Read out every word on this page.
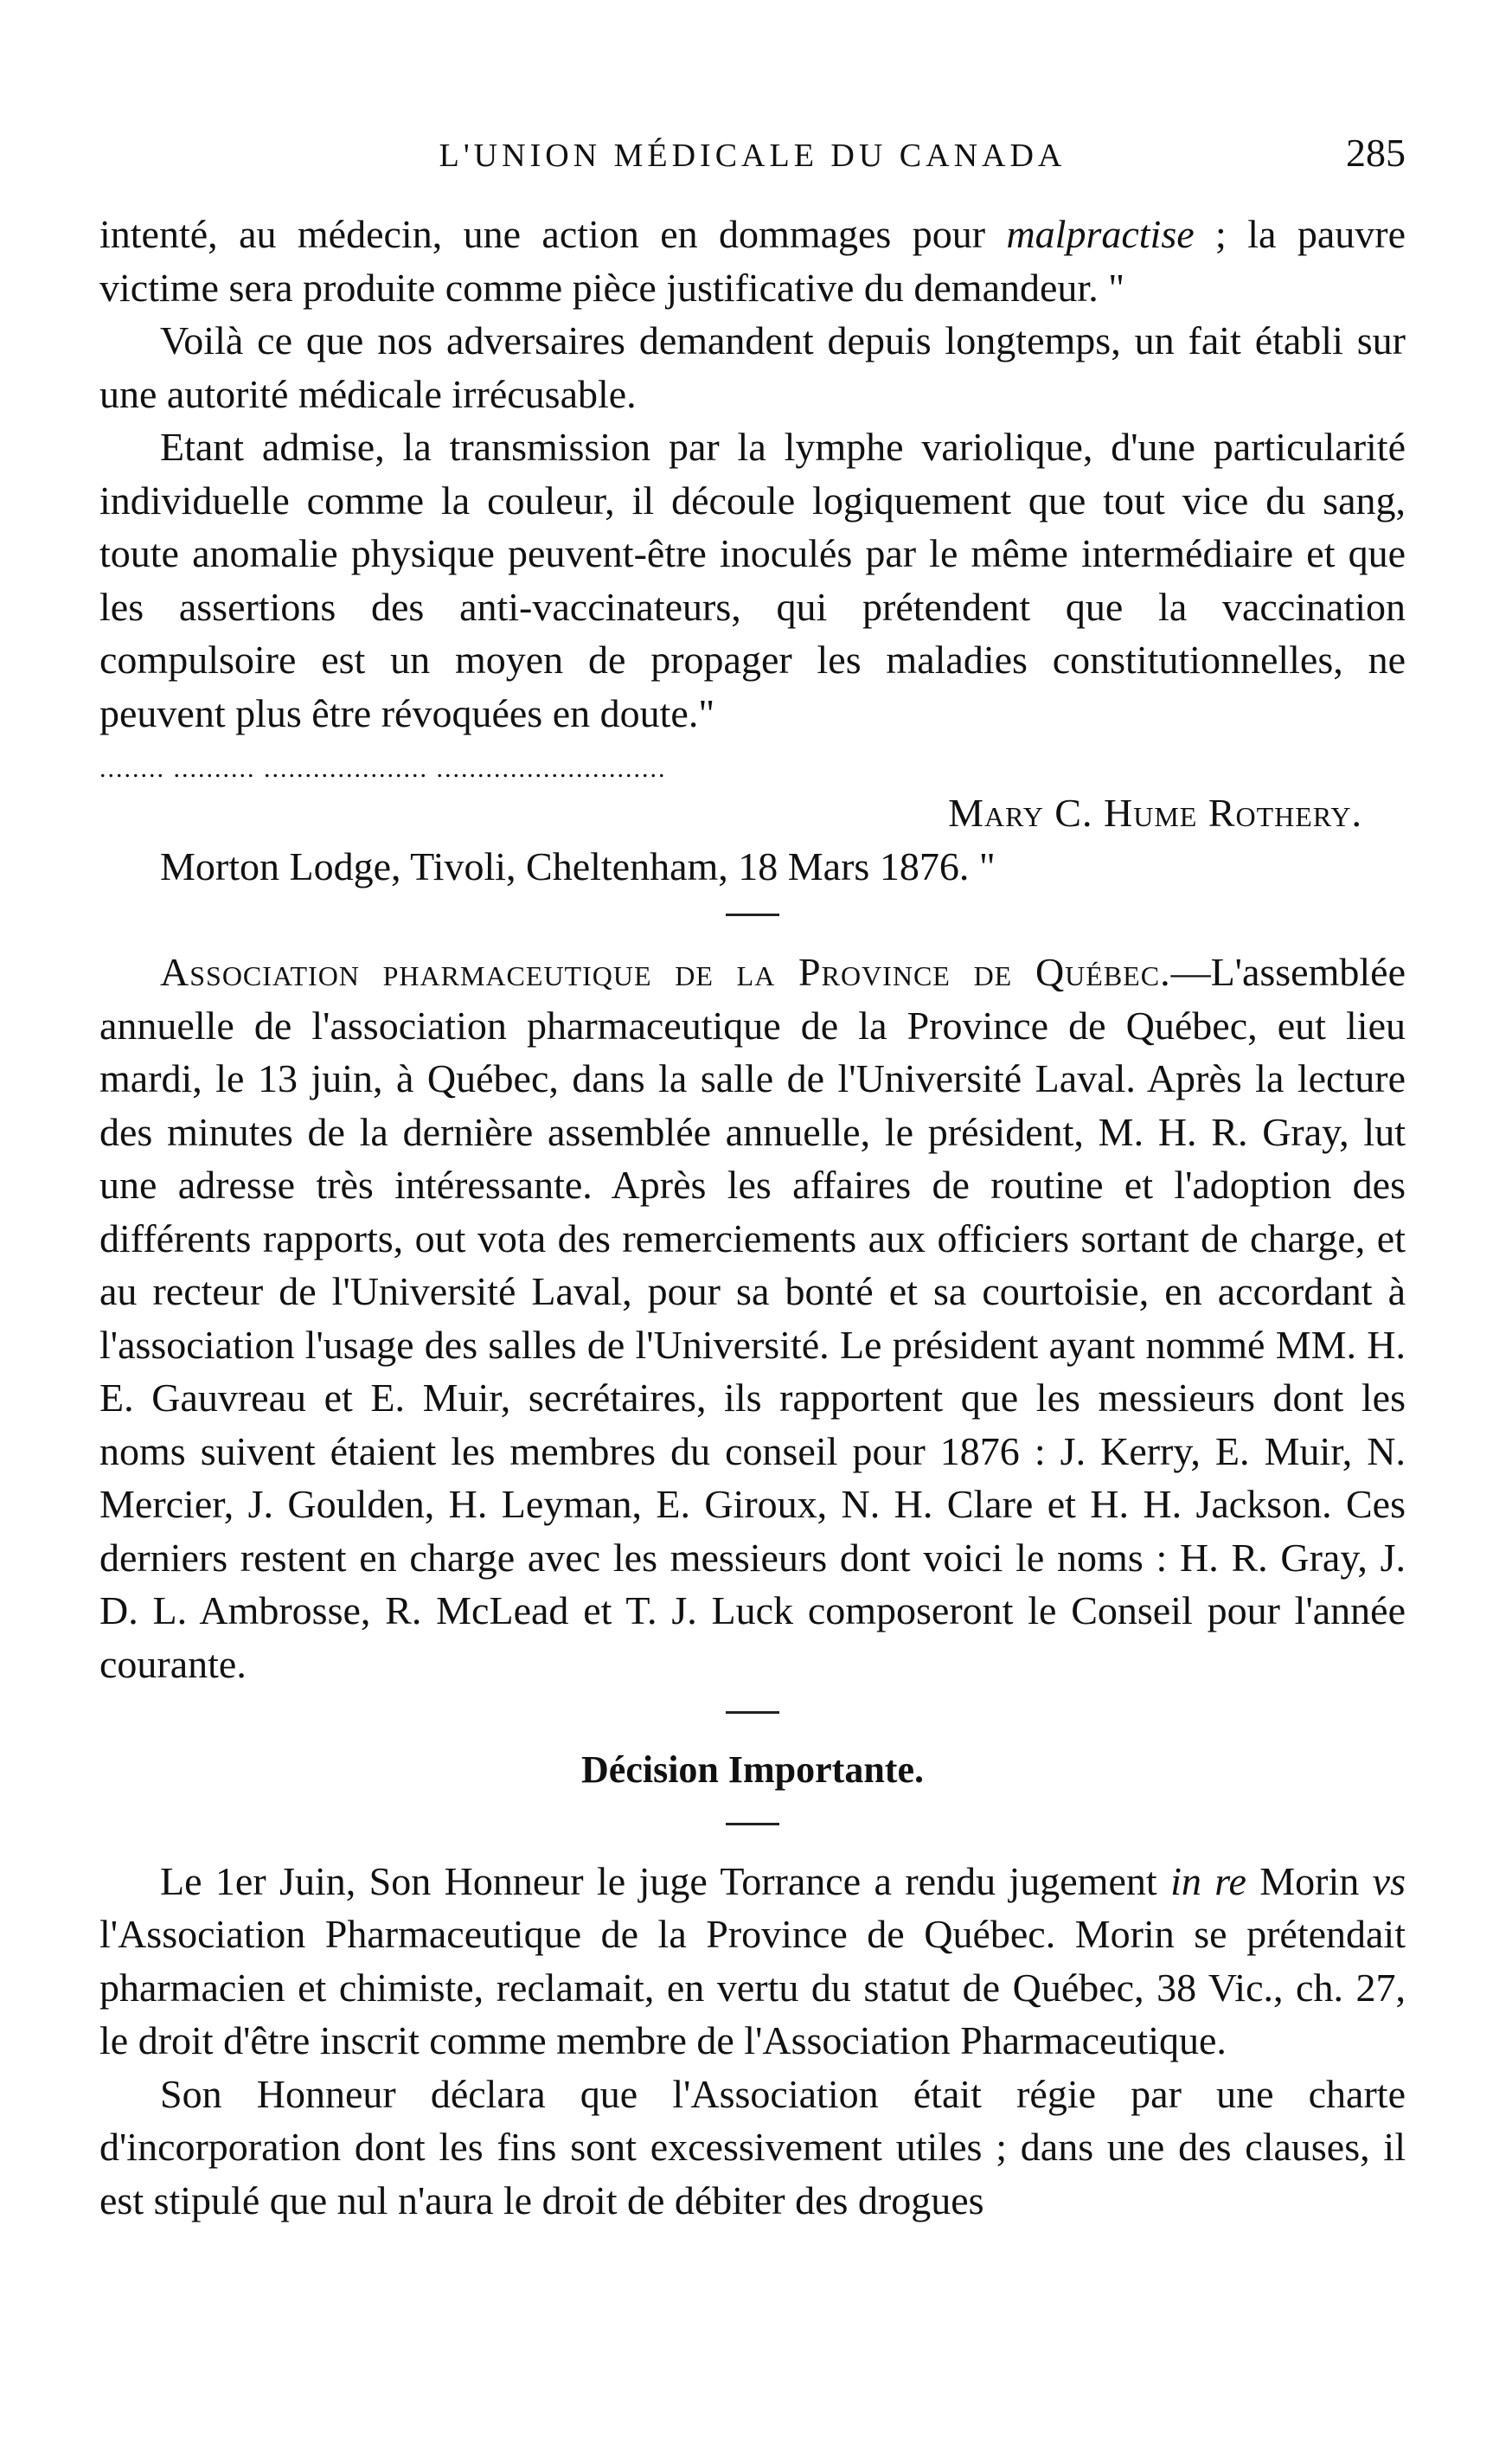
L'UNION MÉDICALE DU CANADA	285

intenté, au médecin, une action en dommages pour malpractise ; la pauvre victime sera produite comme pièce justificative du demandeur. "

Voilà ce que nos adversaires demandent depuis longtemps, un fait établi sur une autorité médicale irrécusable.

Etant admise, la transmission par la lymphe variolique, d'une particularité individuelle comme la couleur, il découle logiquement que tout vice du sang, toute anomalie physique peuvent-être inoculés par le même intermédiaire et que les assertions des anti-vaccinateurs, qui prétendent que la vaccination compulsoire est un moyen de propager les maladies constitutionnelles, ne peuvent plus être révoquées en doute."

........ .......... .................... ............................

Mary C. Hume Rothery.

Morton Lodge, Tivoli, Cheltenham, 18 Mars 1876. "

Association pharmaceutique de la Province de Québec.—L'assemblée annuelle de l'association pharmaceutique de la Province de Québec, eut lieu mardi, le 13 juin, à Québec, dans la salle de l'Université Laval. Après la lecture des minutes de la dernière assemblée annuelle, le président, M. H. R. Gray, lut une adresse très intéressante. Après les affaires de routine et l'adoption des différents rapports, out vota des remerciements aux officiers sortant de charge, et au recteur de l'Université Laval, pour sa bonté et sa courtoisie, en accordant à l'association l'usage des salles de l'Université. Le président ayant nommé MM. H. E. Gauvreau et E. Muir, secrétaires, ils rapportent que les messieurs dont les noms suivent étaient les membres du conseil pour 1876 : J. Kerry, E. Muir, N. Mercier, J. Goulden, H. Leyman, E. Giroux, N. H. Clare et H. H. Jackson. Ces derniers restent en charge avec les messieurs dont voici le noms : H. R. Gray, J. D. L. Ambrosse, R. McLead et T. J. Luck composeront le Conseil pour l'année courante.

Décision Importante.

Le 1er Juin, Son Honneur le juge Torrance a rendu jugement in re Morin vs l'Association Pharmaceutique de la Province de Québec. Morin se prétendait pharmacien et chimiste, reclamait, en vertu du statut de Québec, 38 Vic., ch. 27, le droit d'être inscrit comme membre de l'Association Pharmaceutique.

Son Honneur déclara que l'Association était régie par une charte d'incorporation dont les fins sont excessivement utiles ; dans une des clauses, il est stipulé que nul n'aura le droit de débiter des drogues
